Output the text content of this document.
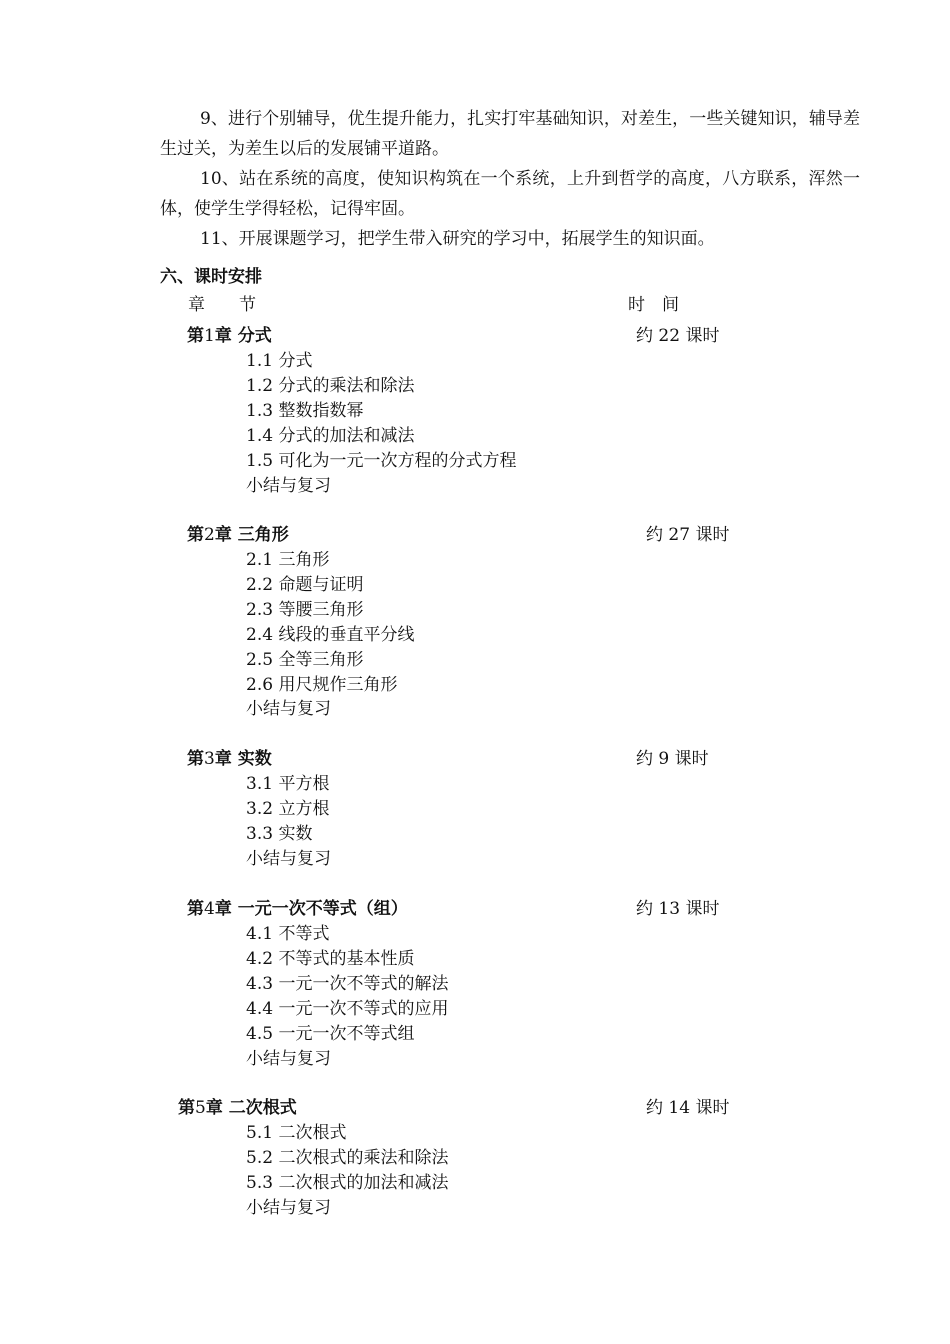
9、进行个别辅导，优生提升能力，扎实打牢基础知识，对差生，一些关键知识，辅导差生过关，为差生以后的发展铺平道路。

10、站在系统的高度，使知识构筑在一个系统，上升到哲学的高度，八方联系，浑然一体，使学生学得轻松，记得牢固。

11、开展课题学习，把学生带入研究的学习中，拓展学生的知识面。

六、课时安排
章　　节	时　间
第1章 分式	约 22 课时
1.1 分式
1.2 分式的乘法和除法
1.3 整数指数幂
1.4 分式的加法和减法
1.5 可化为一元一次方程的分式方程
小结与复习
第2章 三角形	约 27 课时
2.1 三角形
2.2 命题与证明
2.3 等腰三角形
2.4 线段的垂直平分线
2.5 全等三角形
2.6 用尺规作三角形
小结与复习
第3章 实数	约 9 课时
3.1 平方根
3.2 立方根
3.3 实数
小结与复习
第4章 一元一次不等式（组）	约 13 课时
4.1 不等式
4.2 不等式的基本性质
4.3 一元一次不等式的解法
4.4 一元一次不等式的应用
4.5 一元一次不等式组
小结与复习
第5章 二次根式	约 14 课时
5.1 二次根式
5.2 二次根式的乘法和除法
5.3 二次根式的加法和减法
小结与复习
